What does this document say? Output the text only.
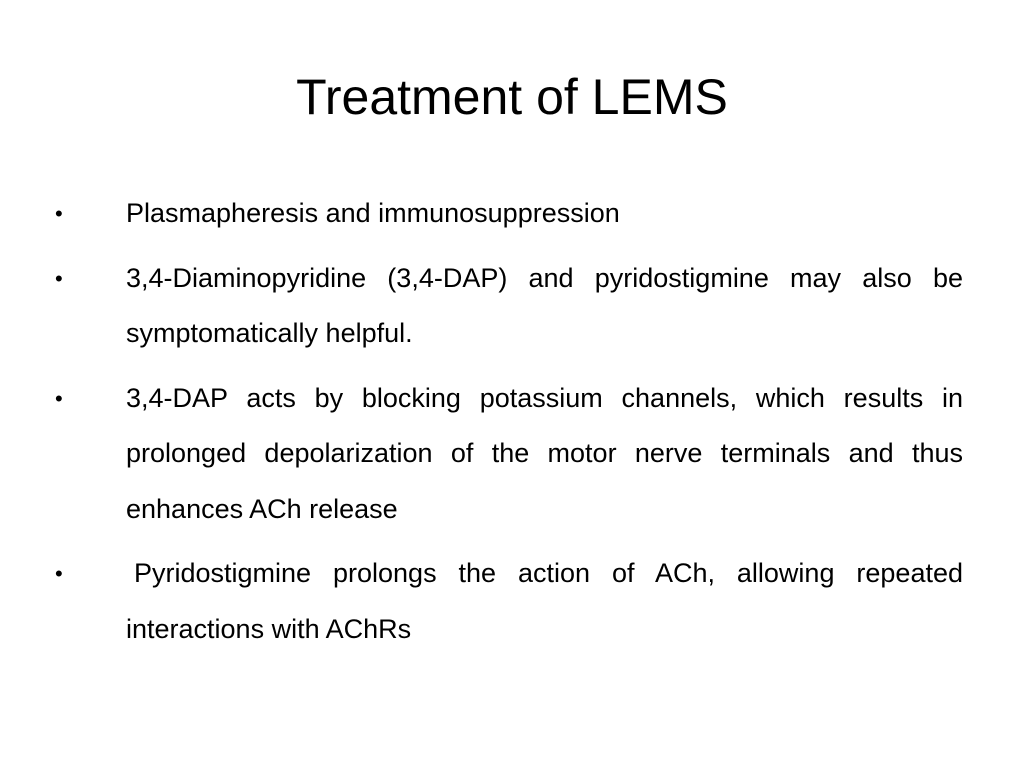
Treatment of LEMS
•	Plasmapheresis and immunosuppression
•	3,4-Diaminopyridine (3,4-DAP) and pyridostigmine may also be symptomatically helpful.
•	3,4-DAP acts by blocking potassium channels, which results in prolonged depolarization of the motor nerve terminals and thus enhances ACh release
•	Pyridostigmine prolongs the action of ACh, allowing repeated interactions with AChRs
